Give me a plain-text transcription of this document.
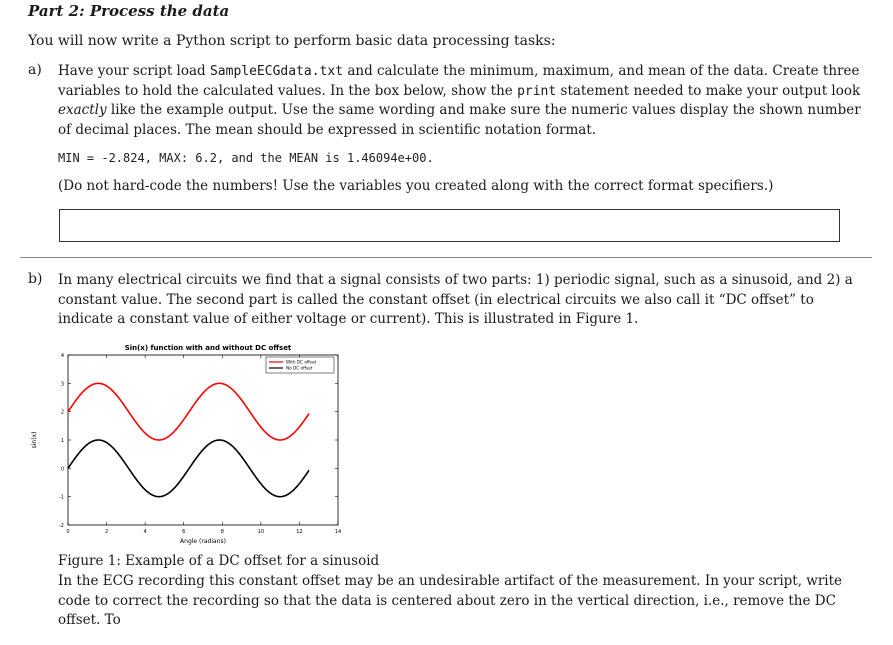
Part 2: Process the data
You will now write a Python script to perform basic data processing tasks:
a) Have your script load SampleECGdata.txt and calculate the minimum, maximum, and mean of the data. Create three variables to hold the calculated values. In the box below, show the print statement needed to make your output look exactly like the example output. Use the same wording and make sure the numeric values display the shown number of decimal places. The mean should be expressed in scientific notation format.
MIN = -2.824, MAX: 6.2, and the MEAN is 1.46094e+00.
(Do not hard-code the numbers! Use the variables you created along with the correct format specifiers.)
b) In many electrical circuits we find that a signal consists of two parts: 1) periodic signal, such as a sinusoid, and 2) a constant value. The second part is called the constant offset (in electrical circuits we also call it “DC offset” to indicate a constant value of either voltage or current). This is illustrated in Figure 1.
Sin(x) function with and without DC offset
0	2	4	6	8	10	12	14
-2
-1
0
1
2
3
4
With DC offset
No DC offset
Angle (radians)
sin(x)
Figure 1: Example of a DC offset for a sinusoid
In the ECG recording this constant offset may be an undesirable artifact of the measurement. In your script, write code to correct the recording so that the data is centered about zero in the vertical direction, i.e., remove the DC offset. To
